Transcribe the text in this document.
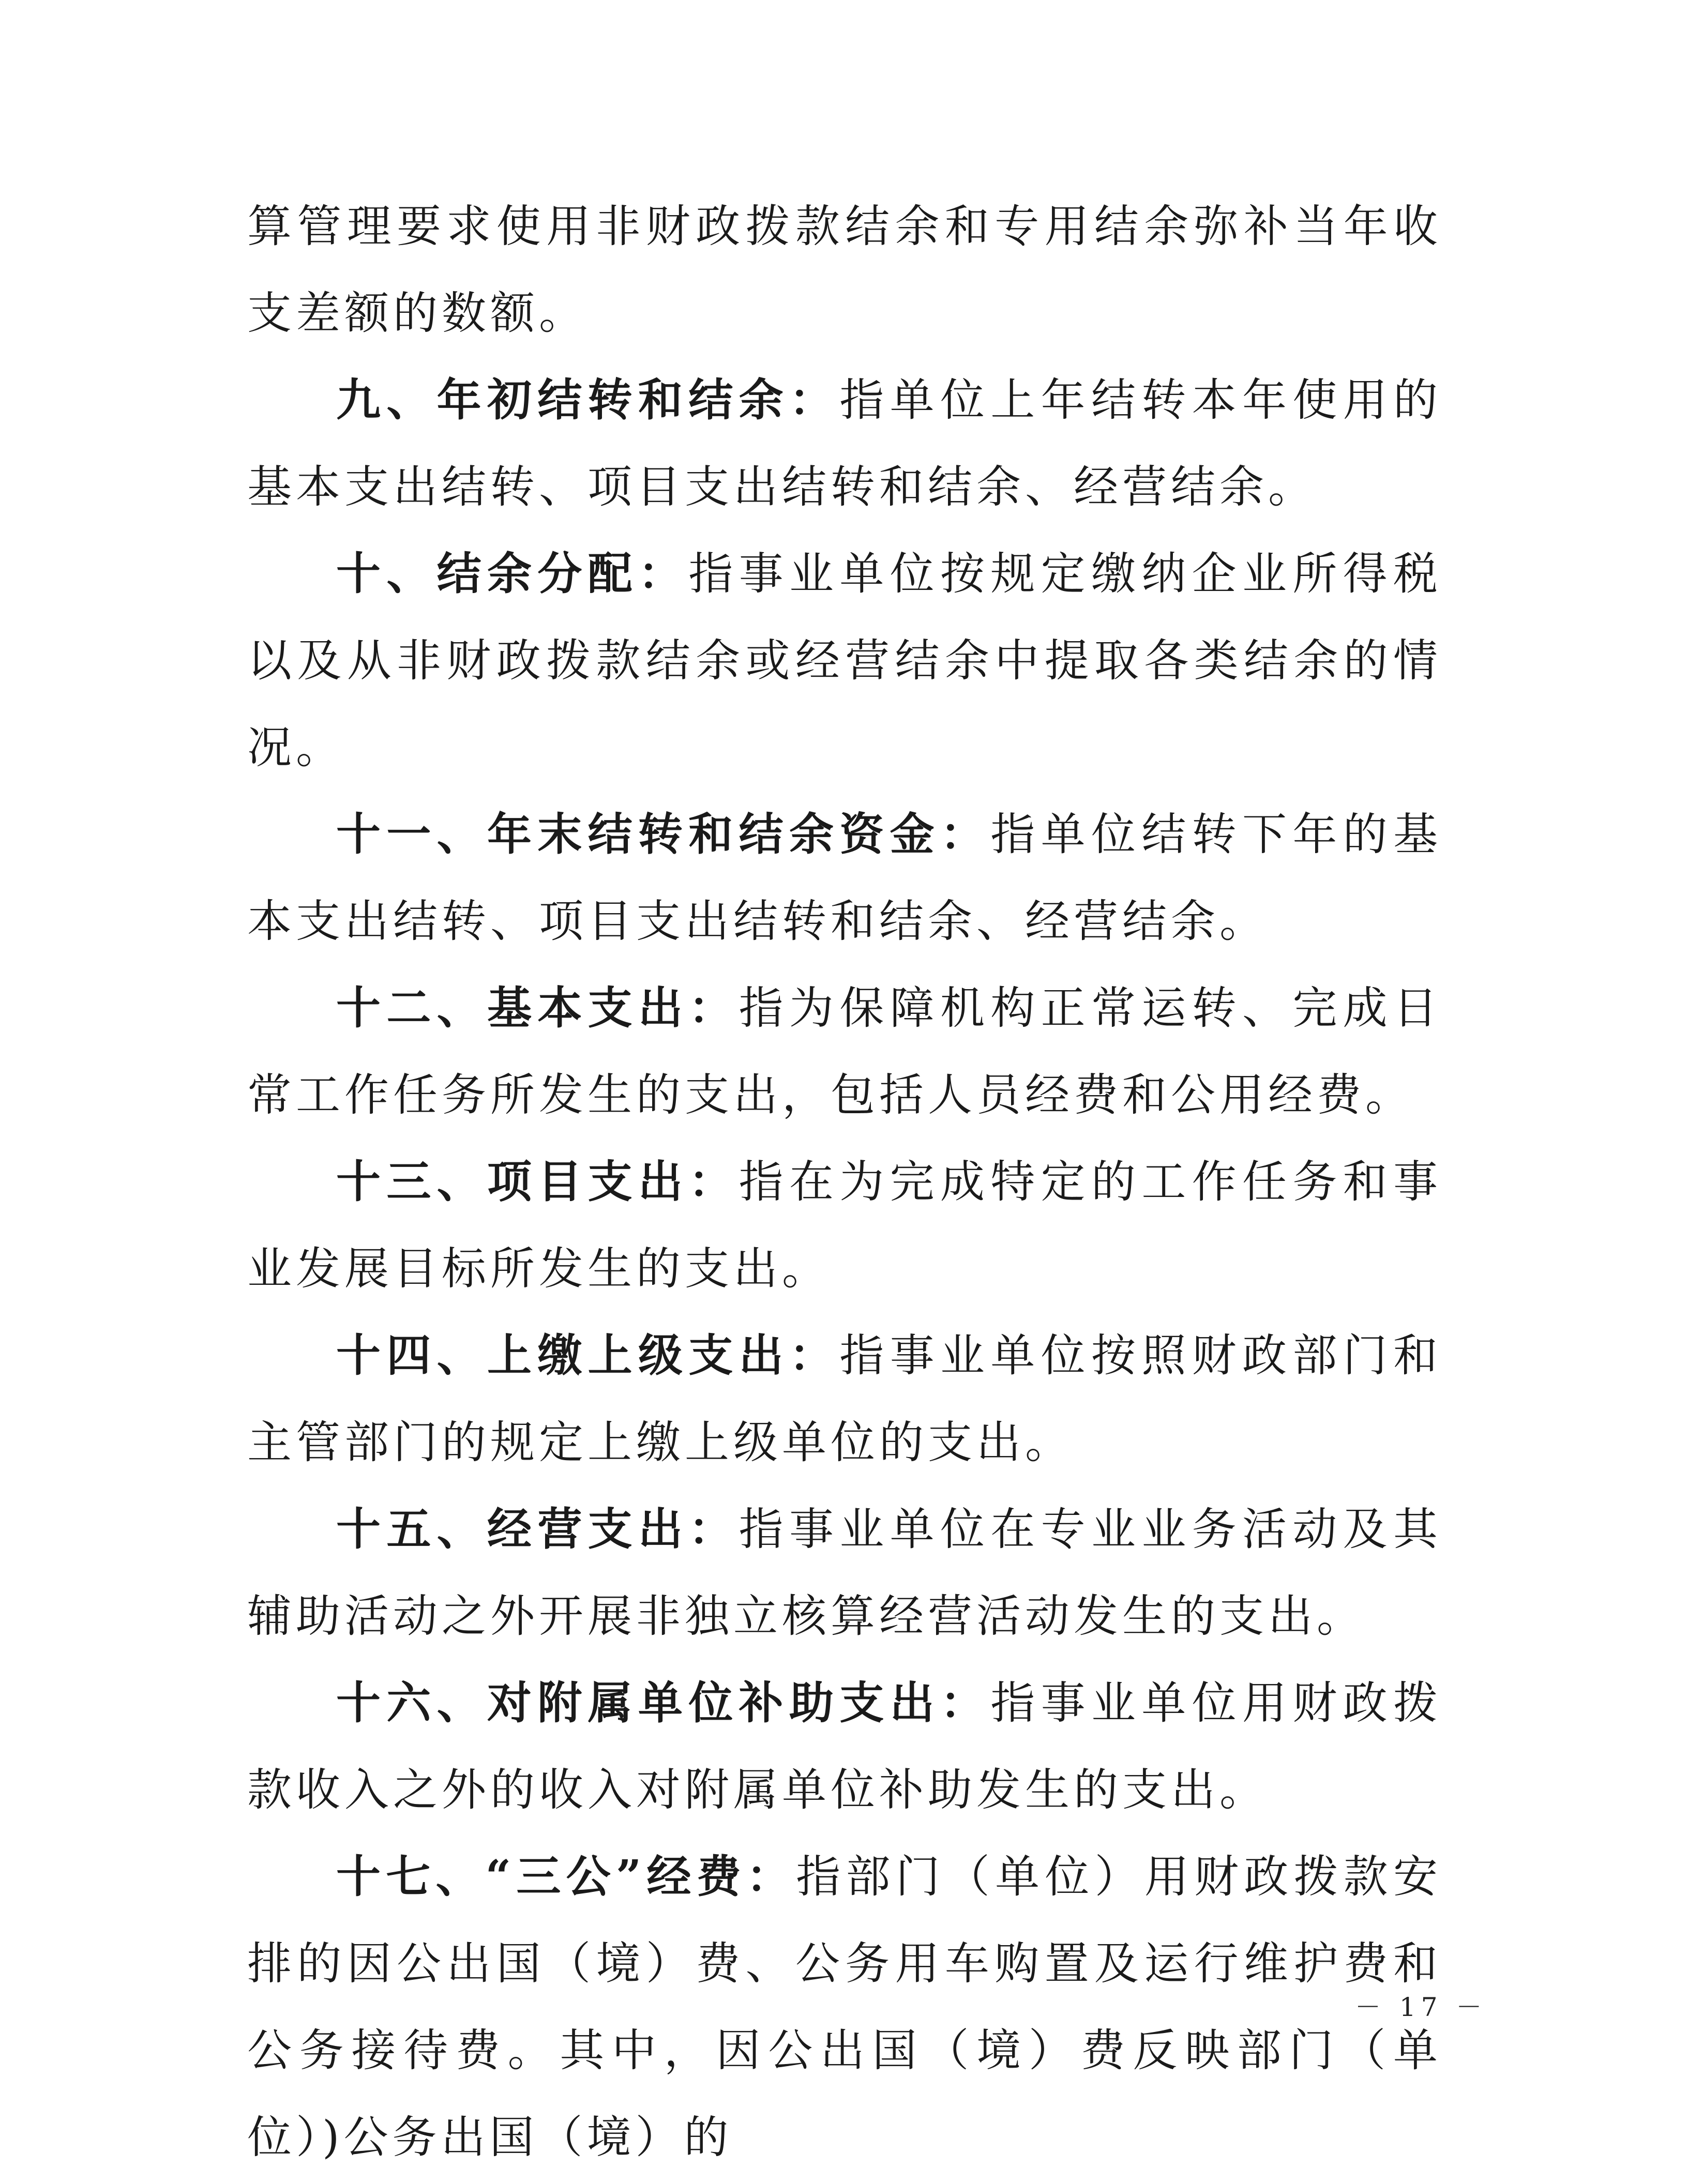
算管理要求使用非财政拨款结余和专用结余弥补当年收支差额的数额。

九、年初结转和结余：指单位上年结转本年使用的基本支出结转、项目支出结转和结余、经营结余。

十、结余分配：指事业单位按规定缴纳企业所得税以及从非财政拨款结余或经营结余中提取各类结余的情况。

十一、年末结转和结余资金：指单位结转下年的基本支出结转、项目支出结转和结余、经营结余。

十二、基本支出：指为保障机构正常运转、完成日常工作任务所发生的支出，包括人员经费和公用经费。

十三、项目支出：指在为完成特定的工作任务和事业发展目标所发生的支出。

十四、上缴上级支出：指事业单位按照财政部门和主管部门的规定上缴上级单位的支出。

十五、经营支出：指事业单位在专业业务活动及其辅助活动之外开展非独立核算经营活动发生的支出。

十六、对附属单位补助支出：指事业单位用财政拨款收入之外的收入对附属单位补助发生的支出。

十七、“三公”经费：指部门（单位）用财政拨款安排的因公出国（境）费、公务用车购置及运行维护费和公务接待费。其中，因公出国（境）费反映部门（单位）)公务出国（境）的

－ 17 －
